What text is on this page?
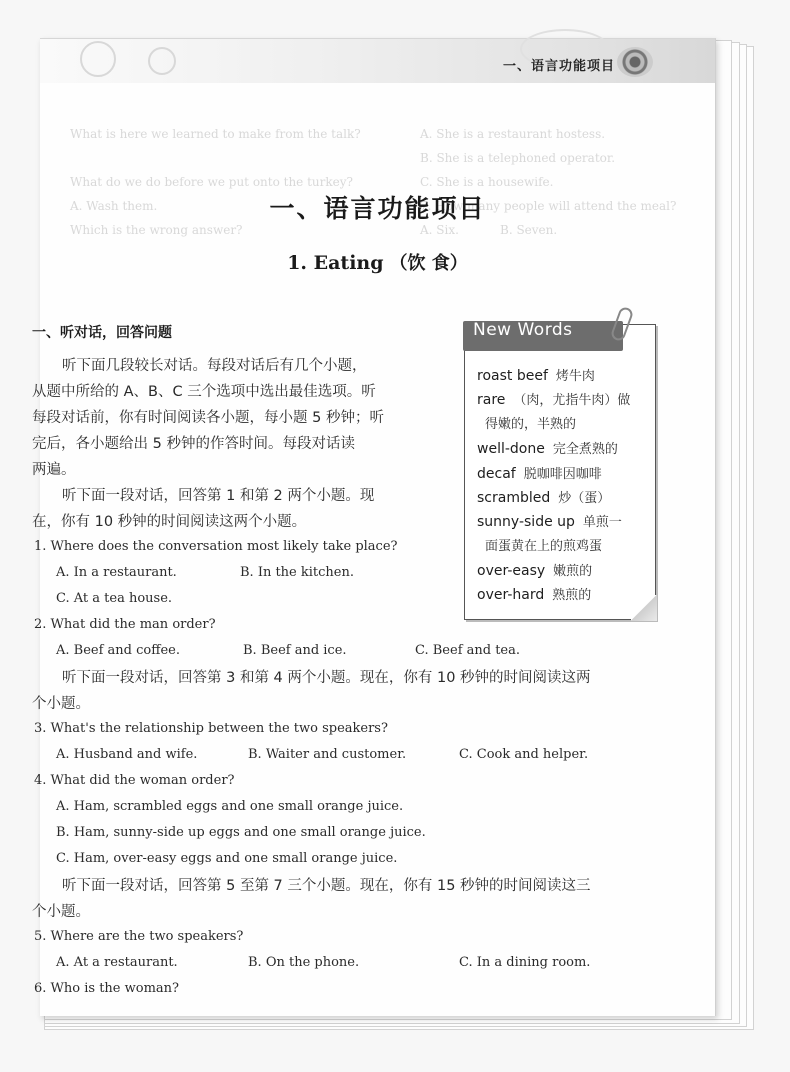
一、语言功能项目
A. She is a restaurant hostess.
What is here we learned to make from the talk?
B. She is a telephoned operator.
C. She is a housewife.
What do we do before we put onto the turkey?
7. How many people will attend the meal?
A. Wash them.
A. Six.	B. Seven.
Which is the wrong answer?
一、语言功能项目
1. Eating （饮 食）
一、听对话，回答问题
听下面几段较长对话。每段对话后有几个小题，
从题中所给的 A、B、C 三个选项中选出最佳选项。听
每段对话前，你有时间阅读各小题，每小题 5 秒钟；听
完后，各小题给出 5 秒钟的作答时间。每段对话读
两遍。
听下面一段对话，回答第 1 和第 2 两个小题。现
在，你有 10 秒钟的时间阅读这两个小题。
1. Where does the conversation most likely take place?
A. In a restaurant.	B. In the kitchen.
C. At a tea house.
2. What did the man order?
A. Beef and coffee.	B. Beef and ice.	C. Beef and tea.
听下面一段对话，回答第 3 和第 4 两个小题。现在，你有 10 秒钟的时间阅读这两
个小题。
3. What's the relationship between the two speakers?
A. Husband and wife.	B. Waiter and customer.	C. Cook and helper.
4. What did the woman order?
A. Ham, scrambled eggs and one small orange juice.
B. Ham, sunny-side up eggs and one small orange juice.
C. Ham, over-easy eggs and one small orange juice.
听下面一段对话，回答第 5 至第 7 三个小题。现在，你有 15 秒钟的时间阅读这三
个小题。
5. Where are the two speakers?
A. At a restaurant.	B. On the phone.	C. In a dining room.
6. Who is the woman?
New Words
roast beef 烤牛肉
rare （肉，尤指牛肉）做
得嫩的，半熟的
well-done 完全煮熟的
decaf 脱咖啡因咖啡
scrambled 炒（蛋）
sunny-side up 单煎一
面蛋黄在上的煎鸡蛋
over-easy 嫩煎的
over-hard 熟煎的
